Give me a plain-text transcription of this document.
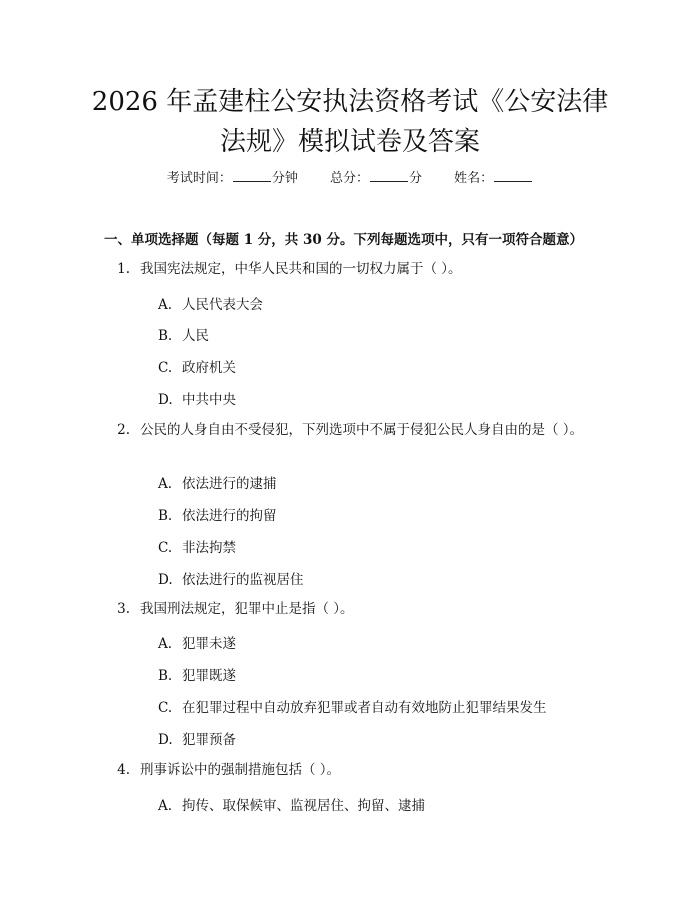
2026 年孟建柱公安执法资格考试《公安法律
法规》模拟试卷及答案
考试时间：	分钟 总分：	分 姓名：
一、单项选择题（每题 1 分，共 30 分。下列每题选项中，只有一项符合题意）
1. 我国宪法规定，中华人民共和国的一切权力属于（ ）。
A. 人民代表大会
B. 人民
C. 政府机关
D. 中共中央
2. 公民的人身自由不受侵犯，下列选项中不属于侵犯公民人身自由的是（ ）。
A. 依法进行的逮捕
B. 依法进行的拘留
C. 非法拘禁
D. 依法进行的监视居住
3. 我国刑法规定，犯罪中止是指（ ）。
A. 犯罪未遂
B. 犯罪既遂
C. 在犯罪过程中自动放弃犯罪或者自动有效地防止犯罪结果发生
D. 犯罪预备
4. 刑事诉讼中的强制措施包括（ ）。
A. 拘传、取保候审、监视居住、拘留、逮捕
